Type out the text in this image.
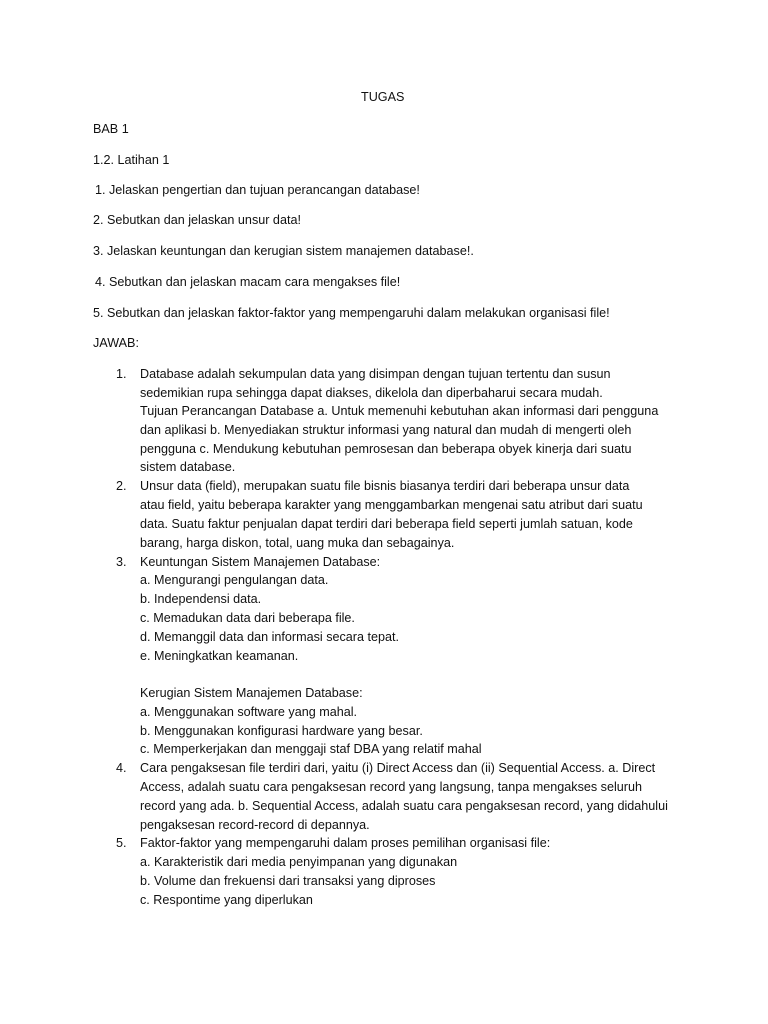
TUGAS
BAB 1
1.2. Latihan 1
1. Jelaskan pengertian dan tujuan perancangan database!
2. Sebutkan dan jelaskan unsur data!
3. Jelaskan keuntungan dan kerugian sistem manajemen database!.
4. Sebutkan dan jelaskan macam cara mengakses file!
5. Sebutkan dan jelaskan faktor-faktor yang mempengaruhi dalam melakukan organisasi file!
JAWAB:
1. Database adalah sekumpulan data yang disimpan dengan tujuan tertentu dan susun
sedemikian rupa sehingga dapat diakses, dikelola dan diperbaharui secara mudah.
Tujuan Perancangan Database a. Untuk memenuhi kebutuhan akan informasi dari pengguna
dan aplikasi b. Menyediakan struktur informasi yang natural dan mudah di mengerti oleh
pengguna c. Mendukung kebutuhan pemrosesan dan beberapa obyek kinerja dari suatu
sistem database.
2. Unsur data (field), merupakan suatu file bisnis biasanya terdiri dari beberapa unsur data
atau field, yaitu beberapa karakter yang menggambarkan mengenai satu atribut dari suatu
data. Suatu faktur penjualan dapat terdiri dari beberapa field seperti jumlah satuan, kode
barang, harga diskon, total, uang muka dan sebagainya.
3. Keuntungan Sistem Manajemen Database:
a. Mengurangi pengulangan data.
b. Independensi data.
c. Memadukan data dari beberapa file.
d. Memanggil data dan informasi secara tepat.
e. Meningkatkan keamanan.
Kerugian Sistem Manajemen Database:
a. Menggunakan software yang mahal.
b. Menggunakan konfigurasi hardware yang besar.
c. Memperkerjakan dan menggaji staf DBA yang relatif mahal
4. Cara pengaksesan file terdiri dari, yaitu (i) Direct Access dan (ii) Sequential Access. a. Direct
Access, adalah suatu cara pengaksesan record yang langsung, tanpa mengakses seluruh
record yang ada. b. Sequential Access, adalah suatu cara pengaksesan record, yang didahului
pengaksesan record-record di depannya.
5. Faktor-faktor yang mempengaruhi dalam proses pemilihan organisasi file:
a. Karakteristik dari media penyimpanan yang digunakan
b. Volume dan frekuensi dari transaksi yang diproses
c. Respontime yang diperlukan
